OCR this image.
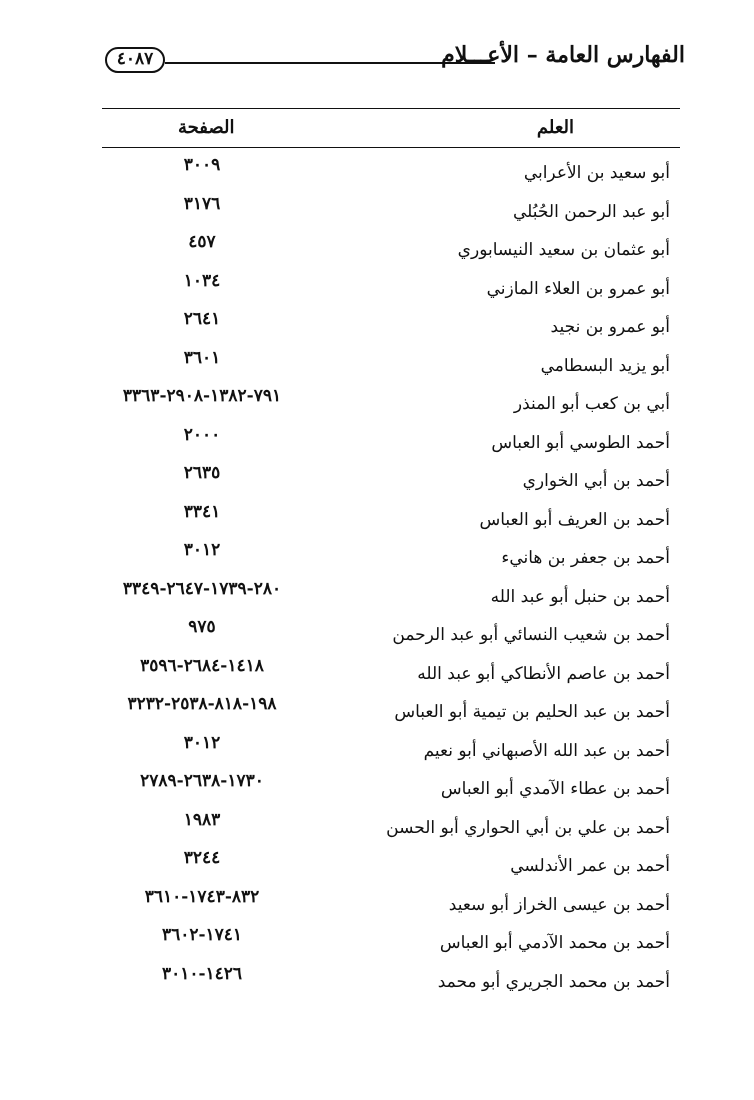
الفهارس العامة – الأعـــلام
٤٠٨٧
العلم
الصفحة
أبو سعيد بن الأعرابي
٣٠٠٩
أبو عبد الرحمن الحُبُلي
٣١٧٦
أبو عثمان بن سعيد النيسابوري
٤٥٧
أبو عمرو بن العلاء المازني
١٠٣٤
أبو عمرو بن نجيد
٢٦٤١
أبو يزيد البسطامي
٣٦٠١
أبي بن كعب أبو المنذر
٧٩١-١٣٨٢-٢٩٠٨-٣٣٦٣
أحمد الطوسي أبو العباس
٢٠٠٠
أحمد بن أبي الخواري
٢٦٣٥
أحمد بن العريف أبو العباس
٣٣٤١
أحمد بن جعفر بن هانيء
٣٠١٢
أحمد بن حنبل أبو عبد الله
٢٨٠-١٧٣٩-٢٦٤٧-٣٣٤٩
أحمد بن شعيب النسائي أبو عبد الرحمن
٩٧٥
أحمد بن عاصم الأنطاكي أبو عبد الله
١٤١٨-٢٦٨٤-٣٥٩٦
أحمد بن عبد الحليم بن تيمية أبو العباس
١٩٨-٨١٨-٢٥٣٨-٣٢٣٢
أحمد بن عبد الله الأصبهاني أبو نعيم
٣٠١٢
أحمد بن عطاء الآمدي أبو العباس
١٧٣٠-٢٦٣٨-٢٧٨٩
أحمد بن علي بن أبي الحواري أبو الحسن
١٩٨٣
أحمد بن عمر الأندلسي
٣٢٤٤
أحمد بن عيسى الخراز أبو سعيد
٨٣٢-١٧٤٣-٣٦١٠
أحمد بن محمد الآدمي أبو العباس
١٧٤١-٣٦٠٢
أحمد بن محمد الجريري أبو محمد
١٤٢٦-٣٠١٠
